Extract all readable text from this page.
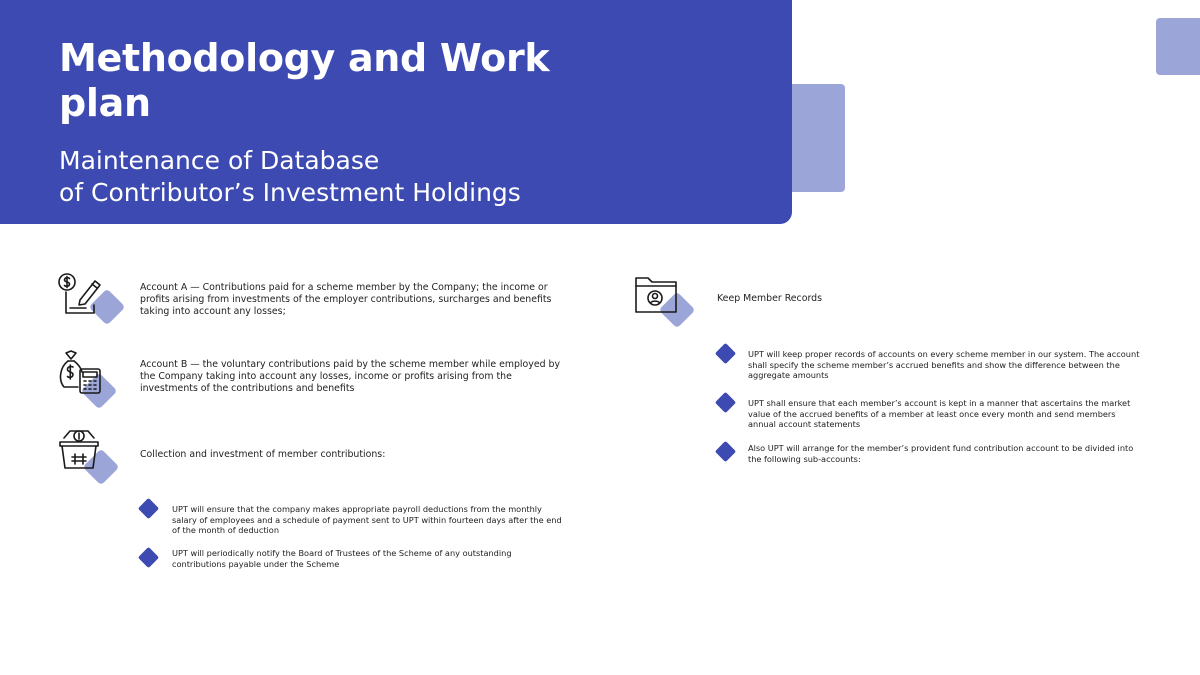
Methodology and Work plan
Maintenance of Database
of Contributor’s Investment Holdings
Account A — Contributions paid for a scheme member by the Company; the income or profits arising from investments of the employer contributions, surcharges and benefits taking into account any losses;
Account B — the voluntary contributions paid by the scheme member while employed by the Company taking into account any losses, income or profits arising from the investments of the contributions and benefits
Collection and investment of member contributions:
UPT will ensure that the company makes appropriate payroll deductions from the monthly salary of employees and a schedule of payment sent to UPT within fourteen days after the end of the month of deduction
UPT will periodically notify the Board of Trustees of the Scheme of any outstanding contributions payable under the Scheme
Keep Member Records
UPT will keep proper records of accounts on every scheme member in our system. The account shall specify the scheme member’s accrued benefits and show the difference between the aggregate amounts
UPT shall ensure that each member’s account is kept in a manner that ascertains the market value of the accrued benefits of a member at least once every month and send members annual account statements
Also UPT will arrange for the member’s provident fund contribution account to be divided into the following sub-accounts:
